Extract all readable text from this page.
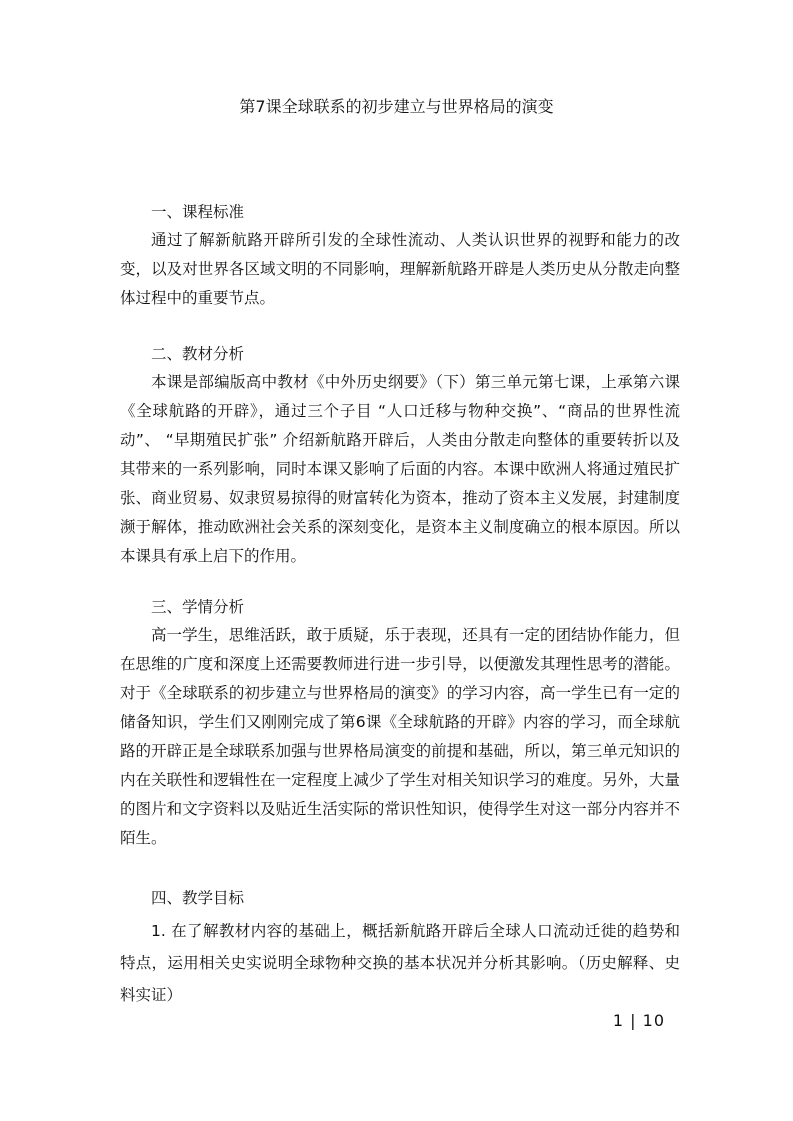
第7课全球联系的初步建立与世界格局的演变

一、课程标准

通过了解新航路开辟所引发的全球性流动、人类认识世界的视野和能力的改变，以及对世界各区域文明的不同影响，理解新航路开辟是人类历史从分散走向整体过程中的重要节点。

二、教材分析

本课是部编版高中教材《中外历史纲要》（下）第三单元第七课，上承第六课《全球航路的开辟》，通过三个子目 “人口迁移与物种交换”、“商品的世界性流动”、 “早期殖民扩张” 介绍新航路开辟后，人类由分散走向整体的重要转折以及其带来的一系列影响，同时本课又影响了后面的内容。本课中欧洲人将通过殖民扩张、商业贸易、奴隶贸易掠得的财富转化为资本，推动了资本主义发展，封建制度濒于解体，推动欧洲社会关系的深刻变化，是资本主义制度确立的根本原因。所以本课具有承上启下的作用。

三、学情分析

高一学生，思维活跃，敢于质疑，乐于表现，还具有一定的团结协作能力，但在思维的广度和深度上还需要教师进行进一步引导，以便激发其理性思考的潜能。对于《全球联系的初步建立与世界格局的演变》的学习内容，高一学生已有一定的储备知识，学生们又刚刚完成了第6课《全球航路的开辟》内容的学习，而全球航路的开辟正是全球联系加强与世界格局演变的前提和基础，所以，第三单元知识的内在关联性和逻辑性在一定程度上减少了学生对相关知识学习的难度。另外，大量的图片和文字资料以及贴近生活实际的常识性知识，使得学生对这一部分内容并不陌生。

四、教学目标

1. 在了解教材内容的基础上，概括新航路开辟后全球人口流动迁徙的趋势和特点，运用相关史实说明全球物种交换的基本状况并分析其影响。（历史解释、史料实证）

1 | 10
